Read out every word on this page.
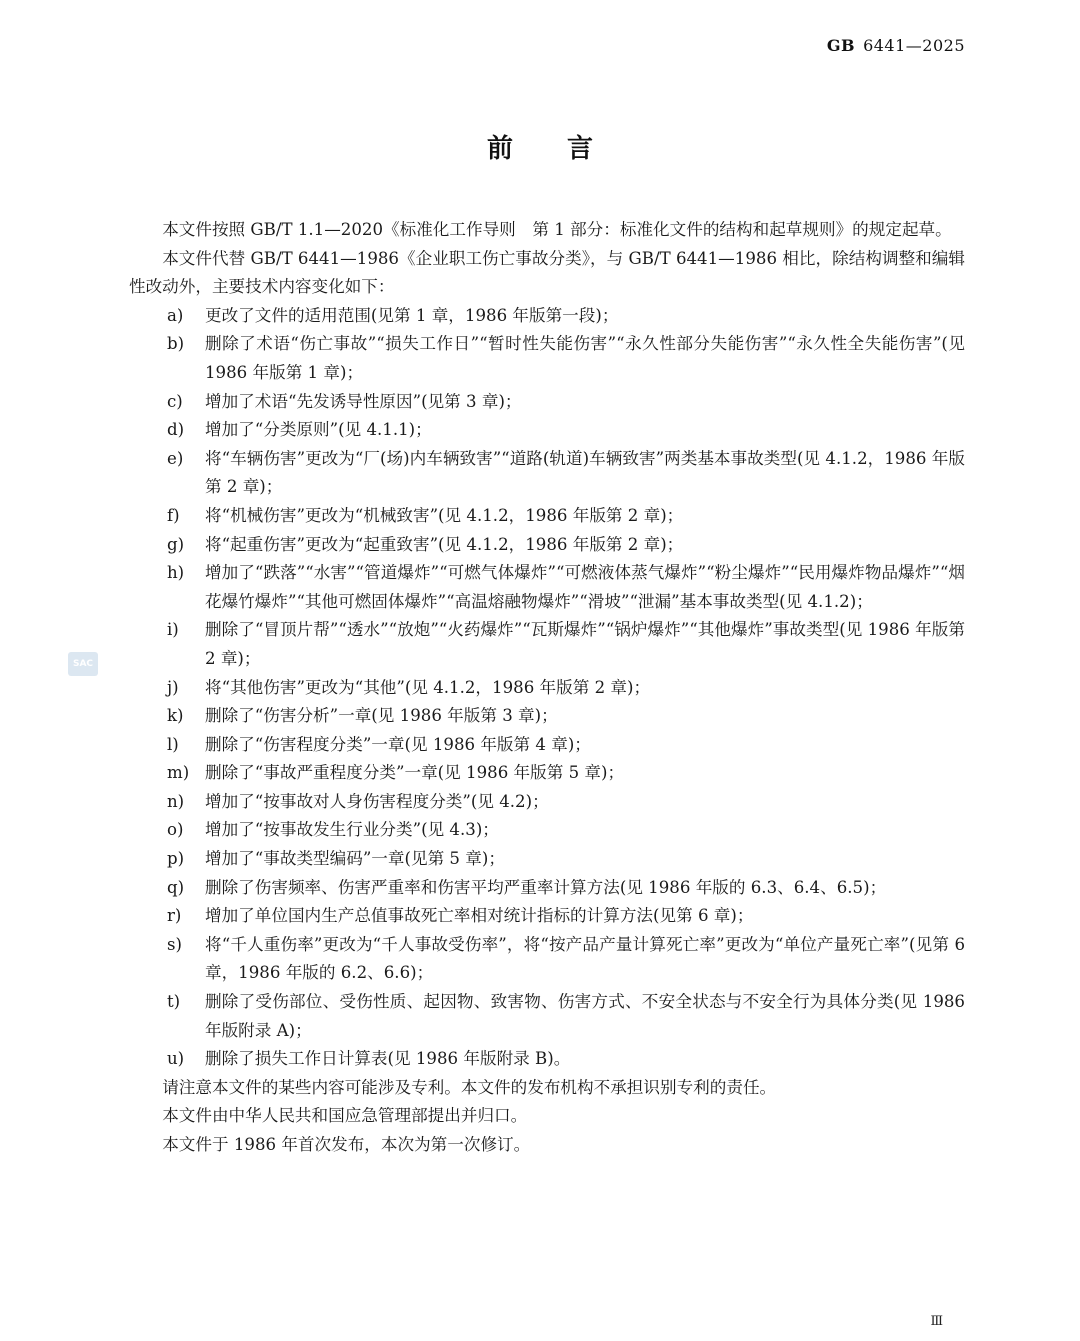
GB 6441—2025
前言
SAC

本文件按照 GB/T 1.1—2020《标准化工作导则　第 1 部分：标准化文件的结构和起草规则》的规定起草。

本文件代替 GB/T 6441—1986《企业职工伤亡事故分类》，与 GB/T 6441—1986 相比，除结构调整和编辑性改动外，主要技术内容变化如下：

a)	更改了文件的适用范围(见第 1 章，1986 年版第一段)；
b)	删除了术语“伤亡事故”“损失工作日”“暂时性失能伤害”“永久性部分失能伤害”“永久性全失能伤害”(见 1986 年版第 1 章)；
c)	增加了术语“先发诱导性原因”(见第 3 章)；
d)	增加了“分类原则”(见 4.1.1)；
e)	将“车辆伤害”更改为“厂(场)内车辆致害”“道路(轨道)车辆致害”两类基本事故类型(见 4.1.2，1986 年版第 2 章)；
f)	将“机械伤害”更改为“机械致害”(见 4.1.2，1986 年版第 2 章)；
g)	将“起重伤害”更改为“起重致害”(见 4.1.2，1986 年版第 2 章)；
h)	增加了“跌落”“水害”“管道爆炸”“可燃气体爆炸”“可燃液体蒸气爆炸”“粉尘爆炸”“民用爆炸物品爆炸”“烟花爆竹爆炸”“其他可燃固体爆炸”“高温熔融物爆炸”“滑坡”“泄漏”基本事故类型(见 4.1.2)；
i)	删除了“冒顶片帮”“透水”“放炮”“火药爆炸”“瓦斯爆炸”“锅炉爆炸”“其他爆炸”事故类型(见 1986 年版第 2 章)；
j)	将“其他伤害”更改为“其他”(见 4.1.2，1986 年版第 2 章)；
k)	删除了“伤害分析”一章(见 1986 年版第 3 章)；
l)	删除了“伤害程度分类”一章(见 1986 年版第 4 章)；
m) 删除了“事故严重程度分类”一章(见 1986 年版第 5 章)；
n)	增加了“按事故对人身伤害程度分类”(见 4.2)；
o)	增加了“按事故发生行业分类”(见 4.3)；
p)	增加了“事故类型编码”一章(见第 5 章)；
q)	删除了伤害频率、伤害严重率和伤害平均严重率计算方法(见 1986 年版的 6.3、6.4、6.5)；
r)	增加了单位国内生产总值事故死亡率相对统计指标的计算方法(见第 6 章)；
s)	将“千人重伤率”更改为“千人事故受伤率”，将“按产品产量计算死亡率”更改为“单位产量死亡率”(见第 6 章，1986 年版的 6.2、6.6)；
t)	删除了受伤部位、受伤性质、起因物、致害物、伤害方式、不安全状态与不安全行为具体分类(见 1986 年版附录 A)；
u)	删除了损失工作日计算表(见 1986 年版附录 B)。

请注意本文件的某些内容可能涉及专利。本文件的发布机构不承担识别专利的责任。

本文件由中华人民共和国应急管理部提出并归口。

本文件于 1986 年首次发布，本次为第一次修订。

Ⅲ
